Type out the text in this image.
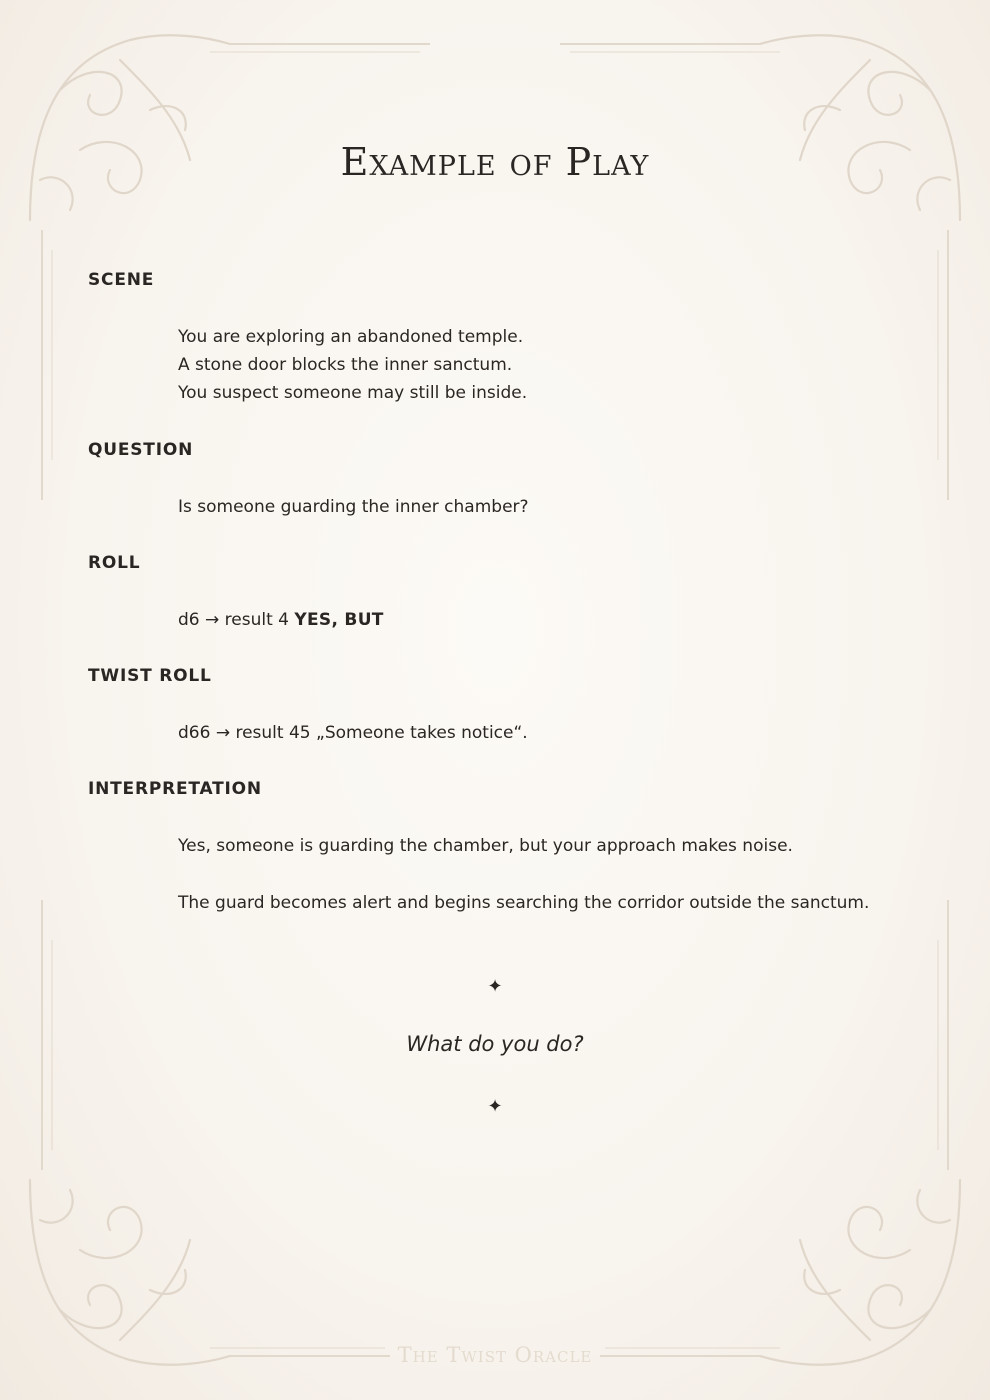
Example of Play
SCENE
You are exploring an abandoned temple.
A stone door blocks the inner sanctum.
You suspect someone may still be inside.
QUESTION
Is someone guarding the inner chamber?
ROLL
d6 → result 4 YES, BUT
TWIST ROLL
d66 → result 45 „Someone takes notice“.
INTERPRETATION
Yes, someone is guarding the chamber, but your approach makes noise.
The guard becomes alert and begins searching the corridor outside the sanctum.
✦
What do you do?
✦
The Twist Oracle
